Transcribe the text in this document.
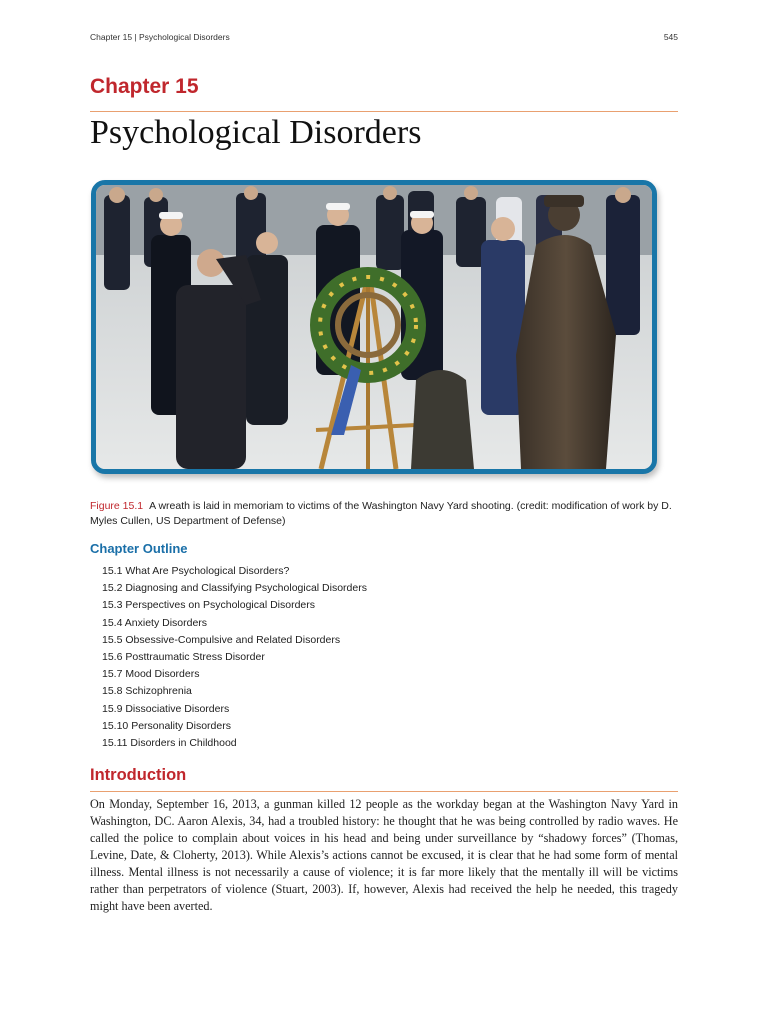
Chapter 15 | Psychological Disorders	545
Chapter 15
Psychological Disorders
Figure 15.1 A wreath is laid in memoriam to victims of the Washington Navy Yard shooting. (credit: modification of work by D. Myles Cullen, US Department of Defense)
Chapter Outline
15.1 What Are Psychological Disorders?
15.2 Diagnosing and Classifying Psychological Disorders
15.3 Perspectives on Psychological Disorders
15.4 Anxiety Disorders
15.5 Obsessive-Compulsive and Related Disorders
15.6 Posttraumatic Stress Disorder
15.7 Mood Disorders
15.8 Schizophrenia
15.9 Dissociative Disorders
15.10 Personality Disorders
15.11 Disorders in Childhood
Introduction

On Monday, September 16, 2013, a gunman killed 12 people as the workday began at the Washington Navy Yard in Washington, DC. Aaron Alexis, 34, had a troubled history: he thought that he was being controlled by radio waves. He called the police to complain about voices in his head and being under surveillance by “shadowy forces” (Thomas, Levine, Date, & Cloherty, 2013). While Alexis’s actions cannot be excused, it is clear that he had some form of mental illness. Mental illness is not necessarily a cause of violence; it is far more likely that the mentally ill will be victims rather than perpetrators of violence (Stuart, 2003). If, however, Alexis had received the help he needed, this tragedy might have been averted.
